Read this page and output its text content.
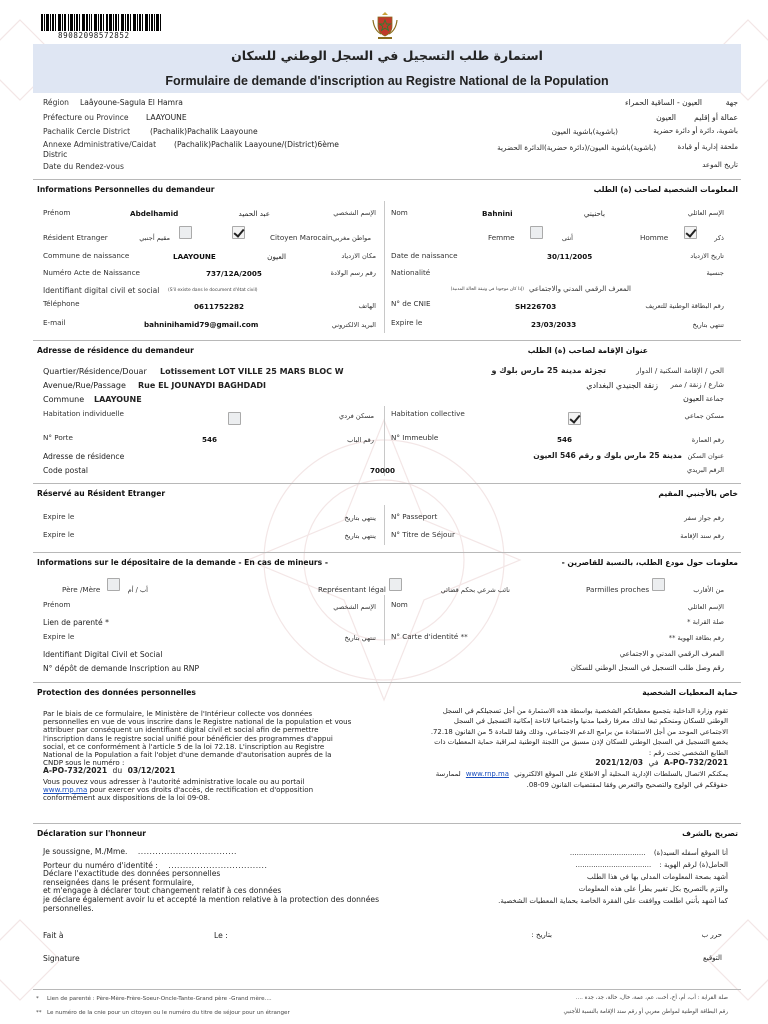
89082098572852
استمارة طلب التسجيل في السجل الوطني للسكان
Formulaire de demande d'inscription au Registre National de la Population
Région Laâyoune-Sagula El Hamra	جهة
العيون - الساقية الحمراء
Préfecture ou Province LAAYOUNE	عمالة أو إقليم
العيون
Pachalik Cercle District	(Pachalik)Pachalik Laayoune	باشوية، دائرة أو دائرة حضرية
(باشوية)باشوية العيون
Annexe Administrative/Caidat (Pachalik)Pachalik Laayoune/(District)6ème
Distric
ملحقة إدارية أو قيادة
(باشوية)باشوية العيون/(دائرة حضرية)الدائرة الحضرية
Date du Rendez-vous	تاريخ الموعد
Informations Personnelles du demandeur	المعلومات الشخصية لصاحب (ة) الطلب
Prénom	Abdelhamid	عبد الحميد	الإسم الشخصي Nom	Bahnini	باحنيني	الإسم العائلي
Résident Etranger	مقيم أجنبي	Citoyen Marocain مواطن مغربي	Femme	أنثى	Homme	ذكر
Commune de naissance	LAAYOUNE	العيون	مكان الازدياد Date de naissance	30/11/2005	تاريخ الازدياد
Numéro Acte de Naissance	737/12A/2005	رقم رسم الولادة Nationalité	جنسية
Identifiant digital civil et social (S'il existe dans le document d'état civil)	المعرف الرقمي المدني والاجتماعي
(إذا كان موجودا في وثيقة الحالة المدنية)
Téléphone	0611752282	الهاتف N° de CNIE	SH226703	رقم البطاقة الوطنية للتعريف
E-mail	bahninihamid79@gmail.com	البريد الالكتروني Expire le	23/03/2033	تنتهي بتاريخ
Adresse de résidence du demandeur	عنوان الإقامة لصاحب (ة) الطلب
Quartier/Résidence/Douar Lotissement LOT VILLE 25 MARS BLOC W	الحي / الإقامة السكنية / الدوار
تجزئة مدينة 25 مارس بلوك و
Avenue/Rue/Passage Rue EL JOUNAYDI BAGHDADI	شارع / زنقة / ممر
زنقة الجنيدي البغدادي
Commune LAAYOUNE	جماعة
العيون
Habitation individuelle	مسكن فردي Habitation collective	مسكن جماعي
N° Porte	546	رقم الباب N° Immeuble	546	رقم العمارة
Adresse de résidence	عنوان السكن
مدينة 25 مارس بلوك و رقم 546 العيون
Code postal	70000	الرقم البريدي
Réservé au Résident Etranger	خاص بالأجنبي المقيم
Expire le	ينتهي بتاريخ N° Passeport	رقم جواز سفر
Expire le	ينتهي بتاريخ N° Titre de Séjour	رقم سند الإقامة
Informations sur le dépositaire de la demande - En cas de mineurs -	معلومات حول مودع الطلب، بالنسبة للقاصرين -
Père /Mère	أب / أم	Représentant légal	نائب شرعي بحكم قضائي	Parmilles proches	من الأقارب
Prénom	الإسم الشخصي Nom	الإسم العائلي
Lien de parenté *	صلة القرابة *
Expire le	تنتهي بتاريخ N° Carte d'identité **	رقم بطاقة الهوية **
Identifiant Digital Civil et Social	المعرف الرقمي المدني و الاجتماعي
N° dépôt de demande Inscription au RNP	رقم وصل طلب التسجيل في السجل الوطني للسكان
Protection des données personnelles	حماية المعطيات الشخصية
Par le biais de ce formulaire, le Ministère de l'Intérieur collecte vos données
personnelles en vue de vous inscrire dans le Registre national de la population et vous
attribuer par conséquent un identifiant digital civil et social afin de permettre
l'inscription dans le registre social unifié pour bénéficier des programmes d'appui
social, et ce conformément à l'article 5 de la loi 72.18. L'inscription au Registre
National de la Population a fait l'objet d'une demande d'autorisation auprès de la
CNDP sous le numéro :
A-PO-732/2021 du 03/12/2021
Vous pouvez vous adresser à l'autorité administrative locale ou au portail
www.rnp.ma pour exercer vos droits d'accès, de rectification et d'opposition
conformément aux dispositions de la loi 09-08.
تقوم وزارة الداخلية بتجميع معطياتكم الشخصية بواسطة هذه الاستمارة من أجل تسجيلكم في السجل
الوطني للسكان ومنحكم تبعا لذلك معرفا رقميا مدنيا واجتماعيا لاتاحة إمكانية التسجيل في السجل
الاجتماعي الموحد من أجل الاستفادة من برامج الدعم الاجتماعي، وذلك وفقا للمادة 5 من القانون 72.18.
يخضع التسجيل في السجل الوطني للسكان لإذن مسبق من اللجنة الوطنية لمراقبة حماية المعطيات ذات
الطابع الشخصي تحت رقم :
A-PO-732/2021 في 2021/12/03
يمكنكم الاتصال بالسلطات الإدارية المحلية أو الاطلاع على الموقع الالكتروني www.rnp.ma لممارسة
حقوقكم في الولوج والتصحيح والتعرض وفقا لمقتضيات القانون 09-08.
Déclaration sur l'honneur	تصريح بالشرف
Je soussigne, M./Mme. ..................................
Porteur du numéro d'identité : ..................................
Déclare l'exactitude des données personnelles
renseignées dans le présent formulaire,
et m'engage à déclarer tout changement relatif à ces données
je déclare également avoir lu et accepté la mention relative à la protection des données
personnelles.
أنا الموقع أسفله السيد(ة) ..................................
الحامل(ة) لرقم الهوية : ..................................
أشهد بصحة المعلومات المدلى بها في هذا الطلب
والتزم بالتصريح بكل تغيير يطرأ على هذه المعلومات
كما أشهد بأنني اطلعت ووافقت على الفقرة الخاصة بحماية المعطيات الشخصية.
Fait à	Le :	بتاريخ :	حرر ب
Signature	التوقيع
* Lien de parenté : Père-Mère-Frère-Soeur-Oncle-Tante-Grand père -Grand mère....
** Le numéro de la cnie pour un citoyen ou le numéro du titre de séjour pour un étranger
صلة القرابة : أب، أم، أخ، أخت، عم، عمة، خال، خالة، جد، جدة ....
رقم البطاقة الوطنية لمواطن مغربي أو رقم سند الإقامة بالنسبة للأجنبي
